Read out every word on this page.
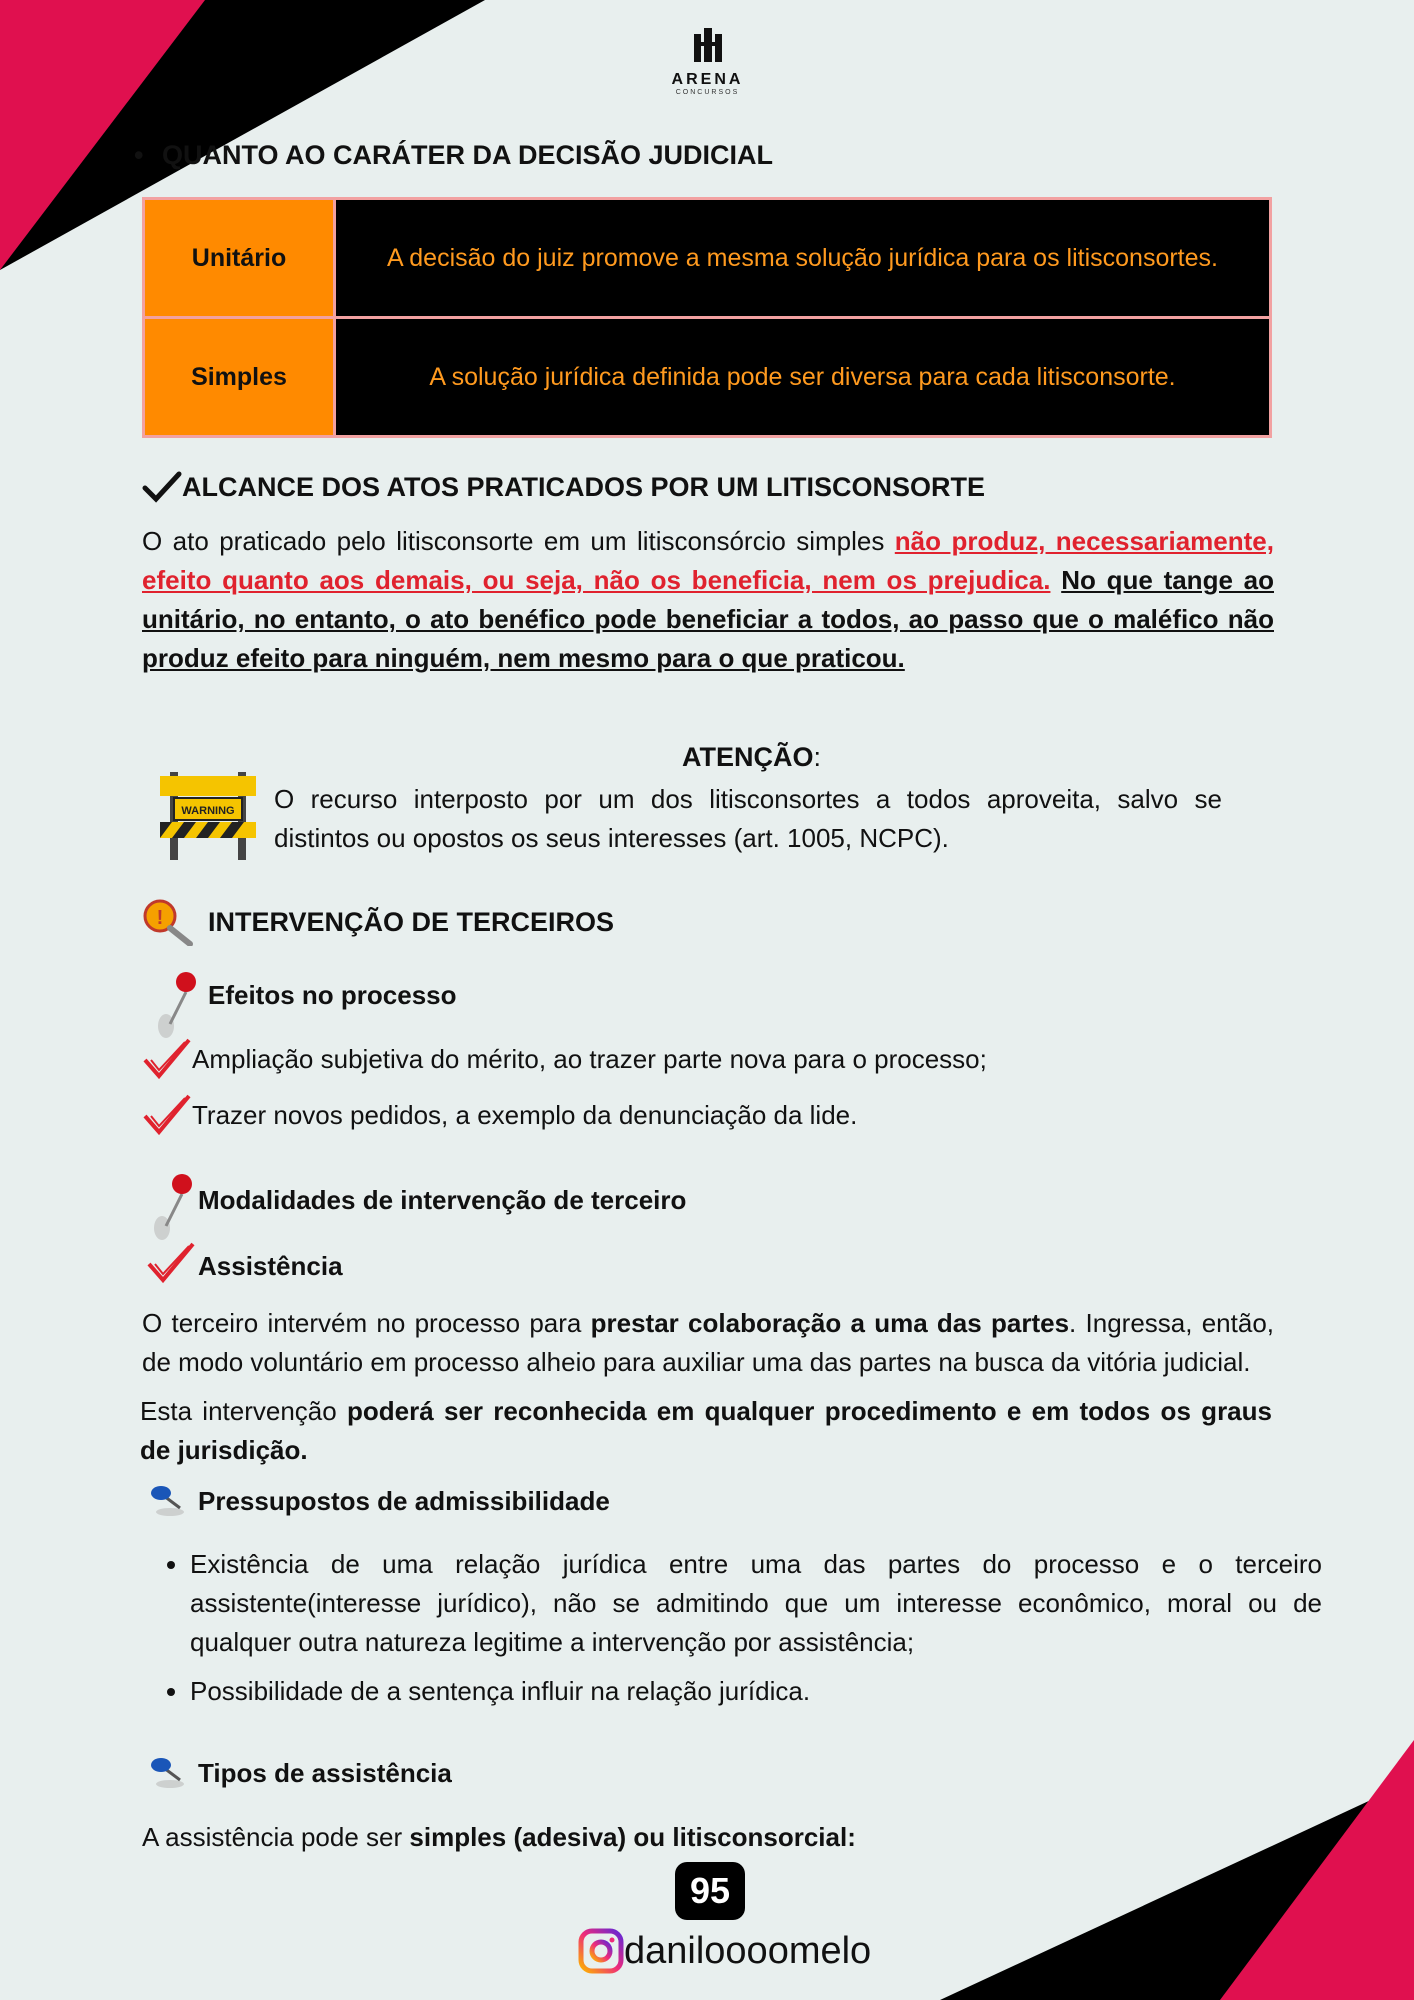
ARENA
CONCURSOS
• QUANTO AO CARÁTER DA DECISÃO JUDICIAL
Unitário	A decisão do juiz promove a mesma solução jurídica para os litisconsortes.
Simples	A solução jurídica definida pode ser diversa para cada litisconsorte.
ALCANCE DOS ATOS PRATICADOS POR UM LITISCONSORTE
O ato praticado pelo litisconsorte em um litisconsórcio simples não produz, necessariamente, efeito quanto aos demais, ou seja, não os beneficia, nem os prejudica. No que tange ao unitário, no entanto, o ato benéfico pode beneficiar a todos, ao passo que o maléfico não produz efeito para ninguém, nem mesmo para o que praticou.
ATENÇÃO:
WARNING O recurso interposto por um dos litisconsortes a todos aproveita, salvo se distintos ou opostos os seus interesses (art. 1005, NCPC).
! INTERVENÇÃO DE TERCEIROS
Efeitos no processo
Ampliação subjetiva do mérito, ao trazer parte nova para o processo;
Trazer novos pedidos, a exemplo da denunciação da lide.
Modalidades de intervenção de terceiro
Assistência
O terceiro intervém no processo para prestar colaboração a uma das partes. Ingressa, então, de modo voluntário em processo alheio para auxiliar uma das partes na busca da vitória judicial.
Esta intervenção poderá ser reconhecida em qualquer procedimento e em todos os graus de jurisdição.
Pressupostos de admissibilidade
• Existência de uma relação jurídica entre uma das partes do processo e o terceiro assistente(interesse jurídico), não se admitindo que um interesse econômico, moral ou de qualquer outra natureza legitime a intervenção por assistência;
• Possibilidade de a sentença influir na relação jurídica.
Tipos de assistência
A assistência pode ser simples (adesiva) ou litisconsorcial:
95
daniloooomelo
